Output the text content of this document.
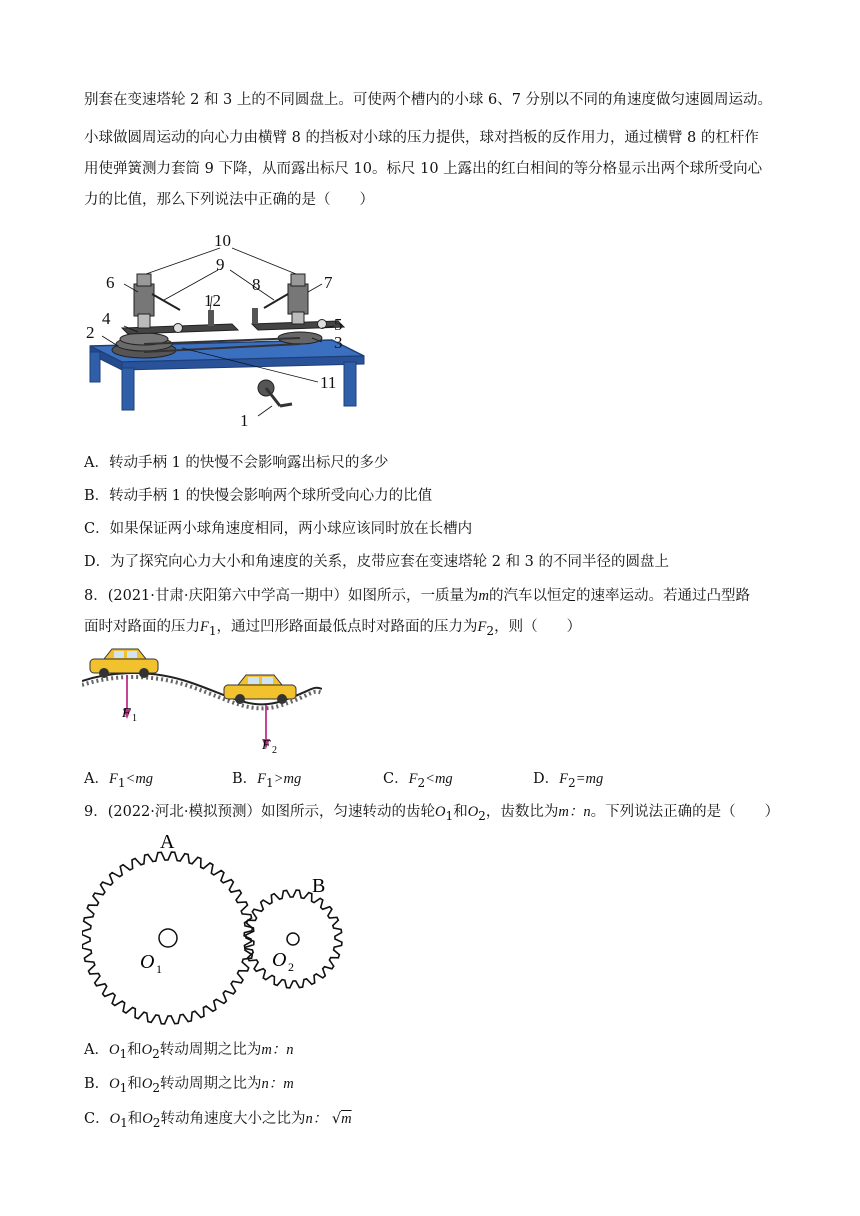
别套在变速塔轮 2 和 3 上的不同圆盘上。可使两个槽内的小球 6、7 分别以不同的角速度做匀速圆周运动。

小球做圆周运动的向心力由横臂 8 的挡板对小球的压力提供，球对挡板的反作用力，通过横臂 8 的杠杆作

用使弹簧测力套筒 9 下降，从而露出标尺 10。标尺 10 上露出的红白相间的等分格显示出两个球所受向心

力的比值，那么下列说法中正确的是（　　）

10
9
6	8
12
7
5
3
4
2
11
1

A．转动手柄 1 的快慢不会影响露出标尺的多少

B．转动手柄 1 的快慢会影响两个球所受向心力的比值

C．如果保证两小球角速度相同，两小球应该同时放在长槽内

D．为了探究向心力大小和角速度的关系，皮带应套在变速塔轮 2 和 3 的不同半径的圆盘上

8．(2021·甘肃·庆阳第六中学高一期中）如图所示，一质量为m的汽车以恒定的速率运动。若通过凸型路

面时对路面的压力$F_1$，通过凹形路面最低点时对路面的压力为$F_2$，则（　　）

F 1
F 2
A．$F_1<mg$	B．$F_1>mg$	C．$F_2<mg$	D．$F_2=mg$

9．(2022·河北·模拟预测）如图所示，匀速转动的齿轮$O_1$和$O_2$，齿数比为m：n。下列说法正确的是（　　）

A
B
O 1	O 2
A．$O_1$和$O_2$转动周期之比为m：n
B．$O_1$和$O_2$转动周期之比为n：m
C．$O_1$和$O_2$转动角速度大小之比为n： √m
